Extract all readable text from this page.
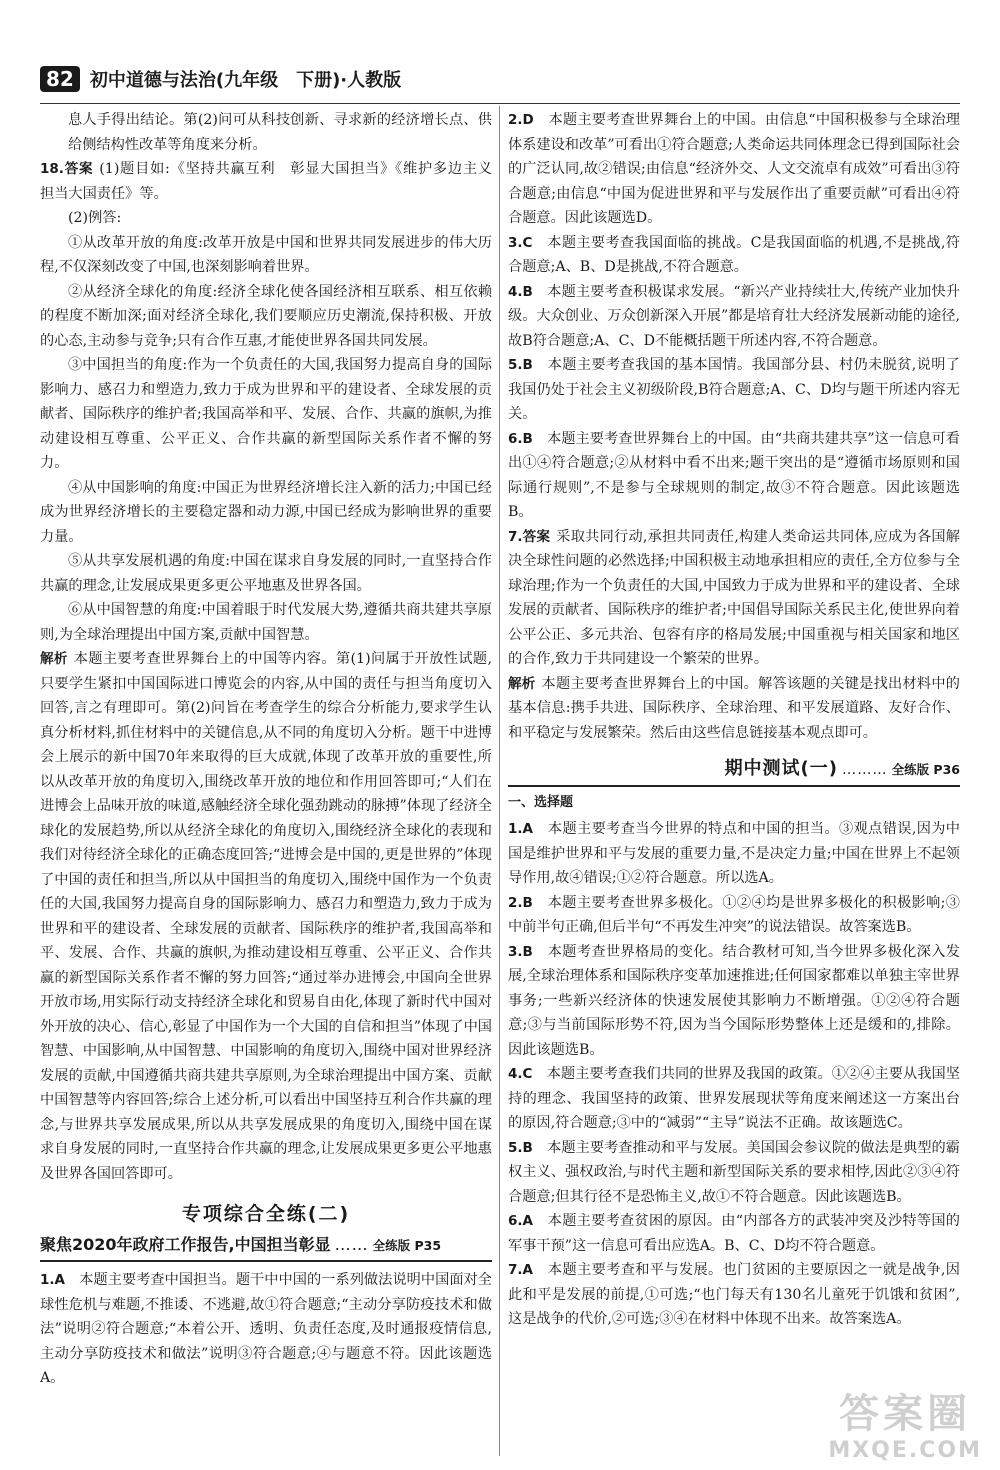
82 初中道德与法治(九年级　下册)·人教版

息人手得出结论。第(2)问可从科技创新、寻求新的经济增长点、供给侧结构性改革等角度来分析。

18.答案 (1)题目如:《坚持共赢互利　彰显大国担当》《维护多边主义　担当大国责任》等。

(2)例答:

①从改革开放的角度:改革开放是中国和世界共同发展进步的伟大历程,不仅深刻改变了中国,也深刻影响着世界。

②从经济全球化的角度:经济全球化使各国经济相互联系、相互依赖的程度不断加深;面对经济全球化,我们要顺应历史潮流,保持积极、开放的心态,主动参与竞争;只有合作互惠,才能使世界各国共同发展。

③中国担当的角度:作为一个负责任的大国,我国努力提高自身的国际影响力、感召力和塑造力,致力于成为世界和平的建设者、全球发展的贡献者、国际秩序的维护者;我国高举和平、发展、合作、共赢的旗帜,为推动建设相互尊重、公平正义、合作共赢的新型国际关系作者不懈的努力。

④从中国影响的角度:中国正为世界经济增长注入新的活力;中国已经成为世界经济增长的主要稳定器和动力源,中国已经成为影响世界的重要力量。

⑤从共享发展机遇的角度:中国在谋求自身发展的同时,一直坚持合作共赢的理念,让发展成果更多更公平地惠及世界各国。

⑥从中国智慧的角度:中国着眼于时代发展大势,遵循共商共建共享原则,为全球治理提出中国方案,贡献中国智慧。

解析 本题主要考查世界舞台上的中国等内容。第(1)问属于开放性试题,只要学生紧扣中国国际进口博览会的内容,从中国的责任与担当角度切入回答,言之有理即可。第(2)问旨在考查学生的综合分析能力,要求学生认真分析材料,抓住材料中的关键信息,从不同的角度切入分析。题干中进博会上展示的新中国70年来取得的巨大成就,体现了改革开放的重要性,所以从改革开放的角度切入,围绕改革开放的地位和作用回答即可;“人们在进博会上品味开放的味道,感触经济全球化强劲跳动的脉搏”体现了经济全球化的发展趋势,所以从经济全球化的角度切入,围绕经济全球化的表现和我们对待经济全球化的正确态度回答;“进博会是中国的,更是世界的”体现了中国的责任和担当,所以从中国担当的角度切入,围绕中国作为一个负责任的大国,我国努力提高自身的国际影响力、感召力和塑造力,致力于成为世界和平的建设者、全球发展的贡献者、国际秩序的维护者,我国高举和平、发展、合作、共赢的旗帜,为推动建设相互尊重、公平正义、合作共赢的新型国际关系作者不懈的努力回答;“通过举办进博会,中国向全世界开放市场,用实际行动支持经济全球化和贸易自由化,体现了新时代中国对外开放的决心、信心,彰显了中国作为一个大国的自信和担当”体现了中国智慧、中国影响,从中国智慧、中国影响的角度切入,围绕中国对世界经济发展的贡献,中国遵循共商共建共享原则,为全球治理提出中国方案、贡献中国智慧等内容回答;综合上述分析,可以看出中国坚持互利合作共赢的理念,与世界共享发展成果,所以从共享发展成果的角度切入,围绕中国在谋求自身发展的同时,一直坚持合作共赢的理念,让发展成果更多更公平地惠及世界各国回答即可。

专项综合全练(二)
聚焦2020年政府工作报告,中国担当彰显 …… 全练版 P35

1.A　 本题主要考查中国担当。题干中中国的一系列做法说明中国面对全球性危机与难题,不推诿、不逃避,故①符合题意;“主动分享防疫技术和做法”说明②符合题意;“本着公开、透明、负责任态度,及时通报疫情信息,主动分享防疫技术和做法”说明③符合题意;④与题意不符。因此该题选A。

2.D　 本题主要考查世界舞台上的中国。由信息“中国积极参与全球治理体系建设和改革”可看出①符合题意;人类命运共同体理念已得到国际社会的广泛认同,故②错误;由信息“经济外交、人文交流卓有成效”可看出③符合题意;由信息“中国为促进世界和平与发展作出了重要贡献”可看出④符合题意。因此该题选D。

3.C　 本题主要考查我国面临的挑战。C是我国面临的机遇,不是挑战,符合题意;A、B、D是挑战,不符合题意。

4.B　 本题主要考查积极谋求发展。“新兴产业持续壮大,传统产业加快升级。大众创业、万众创新深入开展”都是培育壮大经济发展新动能的途径,故B符合题意;A、C、D不能概括题干所述内容,不符合题意。

5.B　 本题主要考查我国的基本国情。我国部分县、村仍未脱贫,说明了我国仍处于社会主义初级阶段,B符合题意;A、C、D均与题干所述内容无关。

6.B　 本题主要考查世界舞台上的中国。由“共商共建共享”这一信息可看出①④符合题意;②从材料中看不出来;题干突出的是“遵循市场原则和国际通行规则”,不是参与全球规则的制定,故③不符合题意。因此该题选B。

7.答案 采取共同行动,承担共同责任,构建人类命运共同体,应成为各国解决全球性问题的必然选择;中国积极主动地承担相应的责任,全方位参与全球治理;作为一个负责任的大国,中国致力于成为世界和平的建设者、全球发展的贡献者、国际秩序的维护者;中国倡导国际关系民主化,使世界向着公平公正、多元共治、包容有序的格局发展;中国重视与相关国家和地区的合作,致力于共同建设一个繁荣的世界。

解析 本题主要考查世界舞台上的中国。解答该题的关键是找出材料中的基本信息:携手共进、国际秩序、全球治理、和平发展道路、友好合作、和平稳定与发展繁荣。然后由这些信息链接基本观点即可。

期中测试(一) ……… 全练版 P36
一、选择题

1.A　 本题主要考查当今世界的特点和中国的担当。③观点错误,因为中国是维护世界和平与发展的重要力量,不是决定力量;中国在世界上不起领导作用,故④错误;①②符合题意。所以选A。

2.B　 本题主要考查世界多极化。①②④均是世界多极化的积极影响;③中前半句正确,但后半句“不再发生冲突”的说法错误。故答案选B。

3.B　 本题考查世界格局的变化。结合教材可知,当今世界多极化深入发展,全球治理体系和国际秩序变革加速推进;任何国家都难以单独主宰世界事务;一些新兴经济体的快速发展使其影响力不断增强。①②④符合题意;③与当前国际形势不符,因为当今国际形势整体上还是缓和的,排除。因此该题选B。

4.C　 本题主要考查我们共同的世界及我国的政策。①②④主要从我国坚持的理念、我国坚持的政策、世界发展现状等角度来阐述这一方案出台的原因,符合题意;③中的“减弱”“主导”说法不正确。故该题选C。

5.B　 本题主要考查推动和平与发展。美国国会参议院的做法是典型的霸权主义、强权政治,与时代主题和新型国际关系的要求相悖,因此②③④符合题意;但其行径不是恐怖主义,故①不符合题意。因此该题选B。

6.A　 本题主要考查贫困的原因。由“内部各方的武装冲突及沙特等国的军事干预”这一信息可看出应选A。B、C、D均不符合题意。

7.A　 本题主要考查和平与发展。也门贫困的主要原因之一就是战争,因此和平是发展的前提,①可选;“也门每天有130名儿童死于饥饿和贫困”,这是战争的代价,②可选;③④在材料中体现不出来。故答案选A。

答案圈
MXQE.COM
